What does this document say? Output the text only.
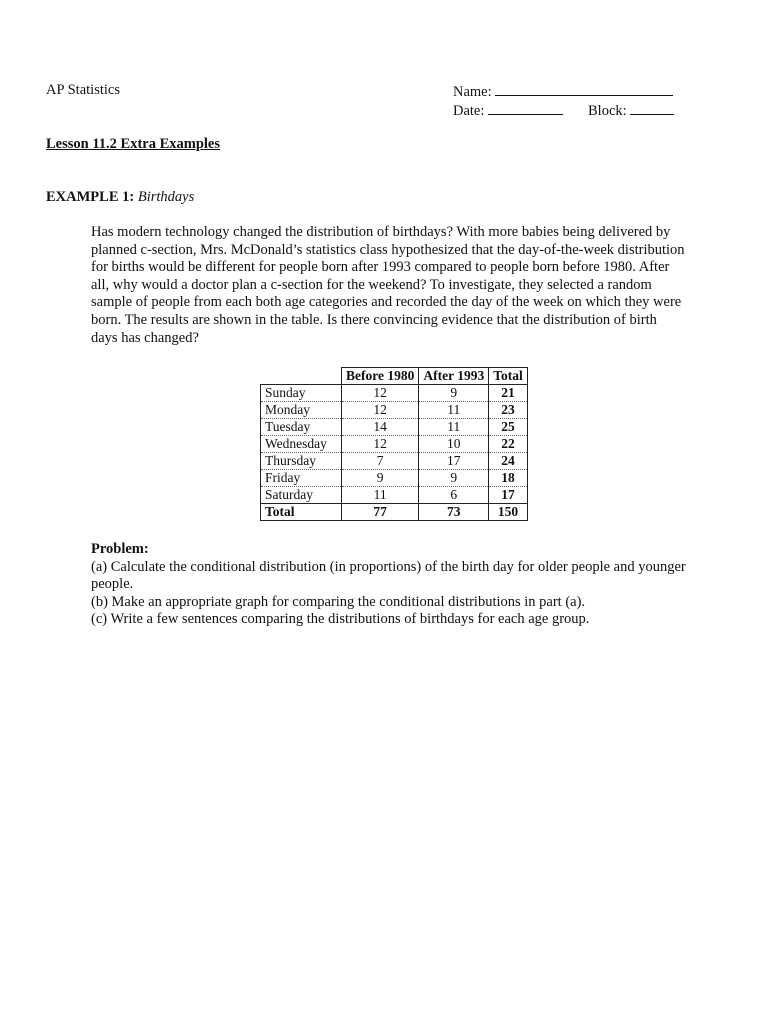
AP Statistics	Name:
Date:	Block:
Lesson 11.2 Extra Examples
EXAMPLE 1: Birthdays
Has modern technology changed the distribution of birthdays? With more babies being delivered by
planned c-section, Mrs. McDonald’s statistics class hypothesized that the day-of-the-week distribution
for births would be different for people born after 1993 compared to people born before 1980. After
all, why would a doctor plan a c-section for the weekend? To investigate, they selected a random
sample of people from each both age categories and recorded the day of the week on which they were
born. The results are shown in the table. Is there convincing evidence that the distribution of birth
days has changed?
	Before 1980	After 1993	Total
Sunday	12	9	21
Monday	12	11	23
Tuesday	14	11	25
Wednesday	12	10	22
Thursday	7	17	24
Friday	9	9	18
Saturday	11	6	17
Total	77	73	150
Problem:
(a) Calculate the conditional distribution (in proportions) of the birth day for older people and younger
people.
(b) Make an appropriate graph for comparing the conditional distributions in part (a).
(c) Write a few sentences comparing the distributions of birthdays for each age group.
